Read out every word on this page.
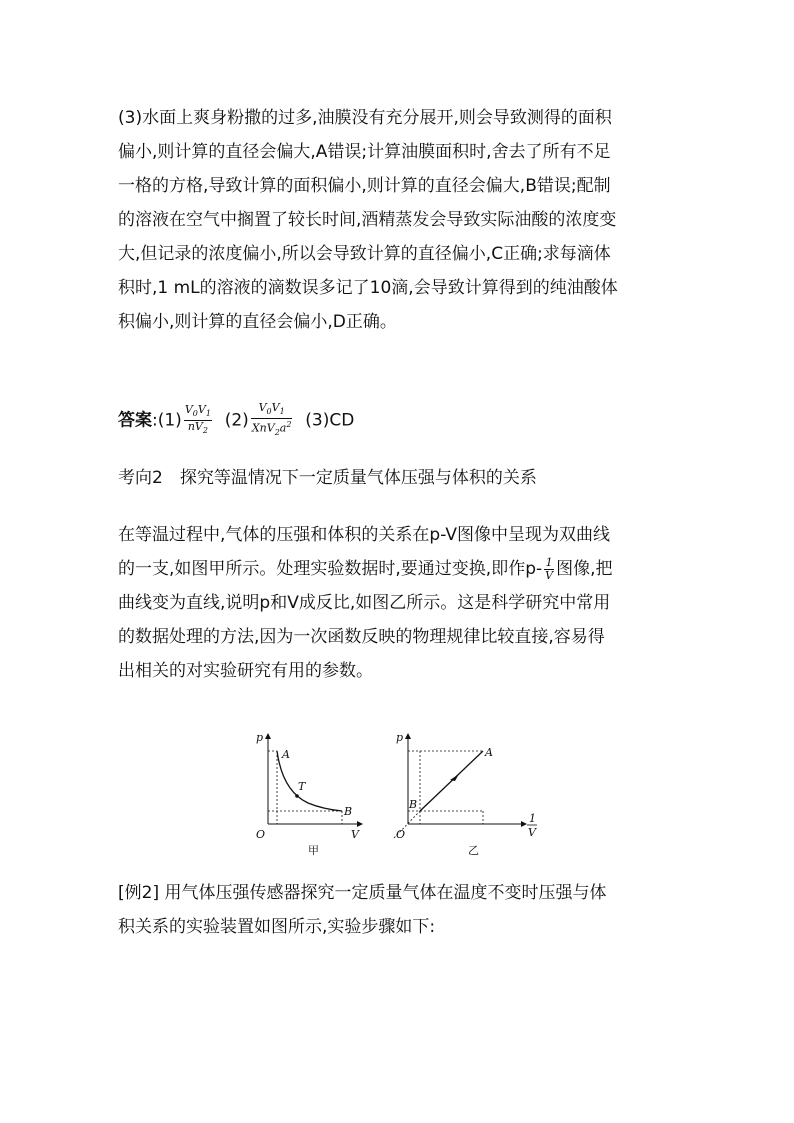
(3)水面上爽身粉撒的过多,油膜没有充分展开,则会导致测得的面积
偏小,则计算的直径会偏大,A错误;计算油膜面积时,舍去了所有不足
一格的方格,导致计算的面积偏小,则计算的直径会偏大,B错误;配制
的溶液在空气中搁置了较长时间,酒精蒸发会导致实际油酸的浓度变
大,但记录的浓度偏小,所以会导致计算的直径偏小,C正确;求每滴体
积时,1 mL的溶液的滴数误多记了10滴,会导致计算得到的纯油酸体
积偏小,则计算的直径会偏小,D正确。
答案:(1) $\frac{V_0V_1}{nV_2} (2) \frac{V_0V_1}{XnV_2a^2} (3)CD$
考向2　探究等温情况下一定质量气体压强与体积的关系
在等温过程中,气体的压强和体积的关系在p-V图像中呈现为双曲线
的一支,如图甲所示。处理实验数据时,要通过变换,即作$p- \frac{1}{V}$ 图像,把
曲线变为直线,说明p和V成反比,如图乙所示。这是科学研究中常用
的数据处理的方法,因为一次函数反映的物理规律比较直接,容易得
出相关的对实验研究有用的参数。
p
V
O
A
T
B
甲
p
O
A
B
1
V
乙
[例2] 用气体压强传感器探究一定质量气体在温度不变时压强与体
积关系的实验装置如图所示,实验步骤如下:
